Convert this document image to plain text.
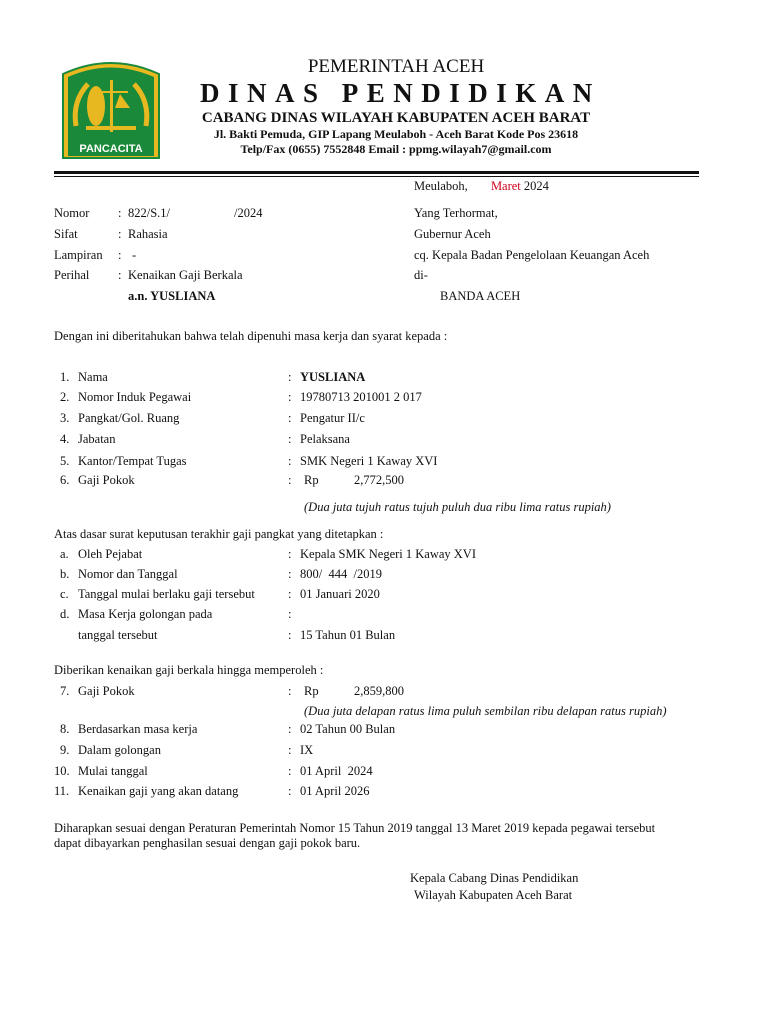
PANCACITA
PEMERINTAH ACEH
DINAS PENDIDIKAN
CABANG DINAS WILAYAH KABUPATEN ACEH BARAT
Jl. Bakti Pemuda, GIP Lapang Meulaboh - Aceh Barat Kode Pos 23618
Telp/Fax (0655) 7552848 Email : ppmg.wilayah7@gmail.com
Meulaboh, Maret 2024
Nomor : 822/S.1/	/2024
Sifat	: Rahasia
Lampiran : -
Perihal : Kenaikan Gaji Berkala
a.n. YUSLIANA
Yang Terhormat,
Gubernur Aceh
cq. Kepala Badan Pengelolaan Keuangan Aceh
di-
BANDA ACEH
Dengan ini diberitahukan bahwa telah dipenuhi masa kerja dan syarat kepada :
1. Nama	: YUSLIANA
2. Nomor Induk Pegawai	: 19780713 201001 2 017
3. Pangkat/Gol. Ruang	: Pengatur II/c
4. Jabatan	: Pelaksana
5. Kantor/Tempat Tugas	: SMK Negeri 1 Kaway XVI
6. Gaji Pokok	: Rp	2,772,500
(Dua juta tujuh ratus tujuh puluh dua ribu lima ratus rupiah)
Atas dasar surat keputusan terakhir gaji pangkat yang ditetapkan :
a. Oleh Pejabat	: Kepala SMK Negeri 1 Kaway XVI
b. Nomor dan Tanggal	: 800/  444  /2019
c. Tanggal mulai berlaku gaji tersebut	: 01 Januari 2020
d. Masa Kerja golongan pada	:
tanggal tersebut	: 15 Tahun 01 Bulan
Diberikan kenaikan gaji berkala hingga memperoleh :
7. Gaji Pokok	: Rp	2,859,800
(Dua juta delapan ratus lima puluh sembilan ribu delapan ratus rupiah)
8. Berdasarkan masa kerja	: 02 Tahun 00 Bulan
9. Dalam golongan	: IX
10. Mulai tanggal	: 01 April  2024
11. Kenaikan gaji yang akan datang	: 01 April 2026
Diharapkan sesuai dengan Peraturan Pemerintah Nomor 15 Tahun 2019 tanggal 13 Maret 2019 kepada pegawai tersebut
dapat dibayarkan penghasilan sesuai dengan gaji pokok baru.
Kepala Cabang Dinas Pendidikan
Wilayah Kabupaten Aceh Barat
